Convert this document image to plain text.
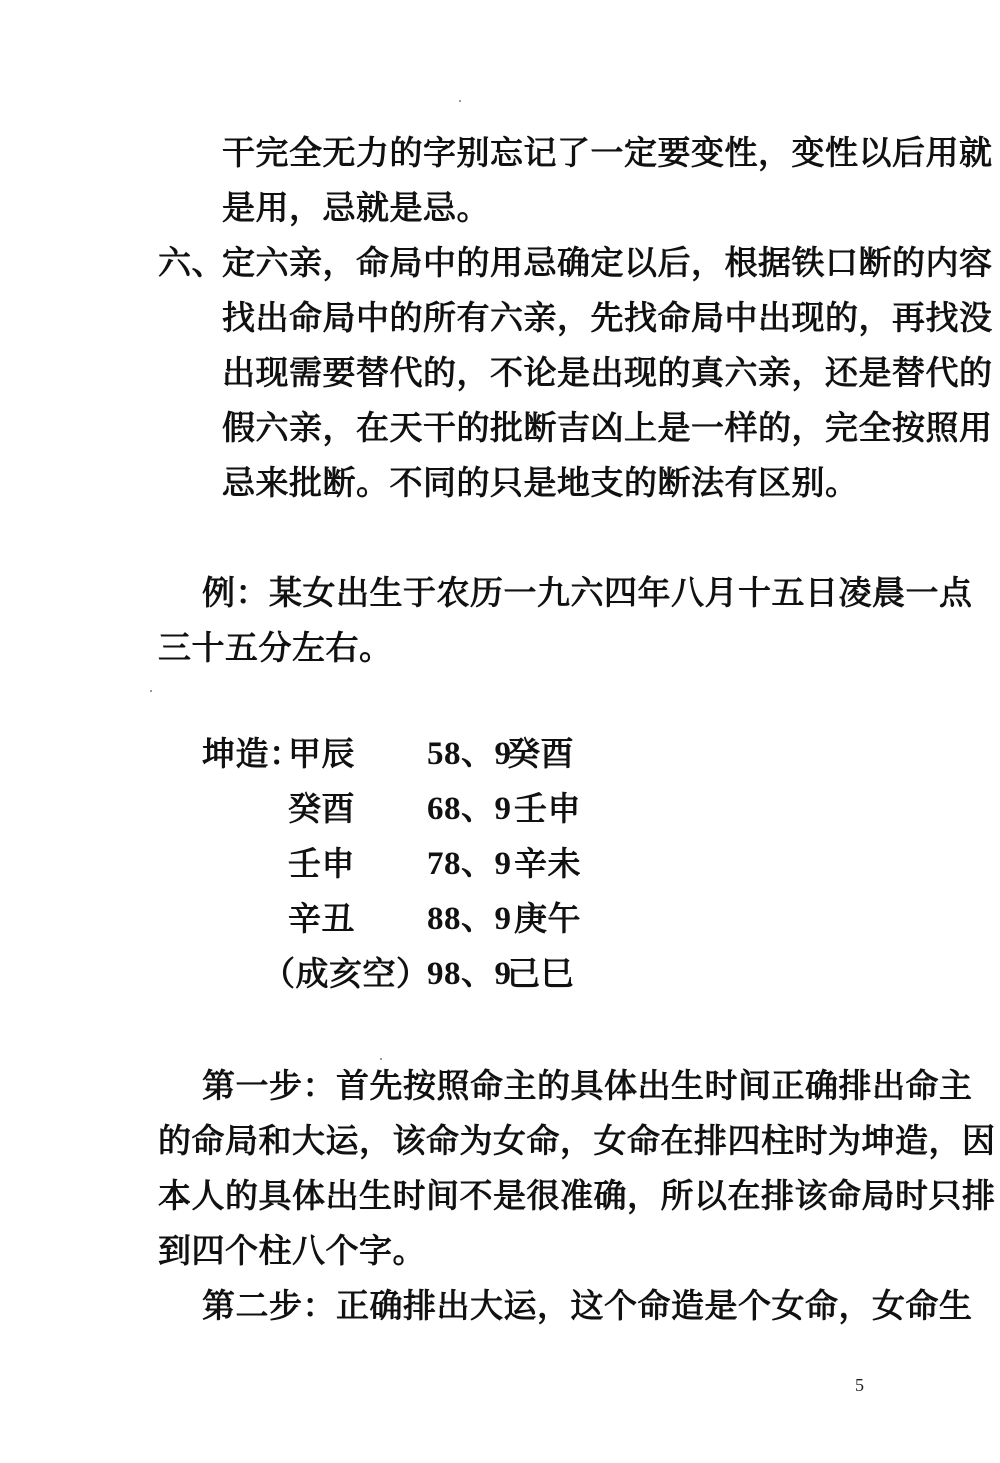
干完全无力的字别忘记了一定要变性，变性以后用就
是用，忌就是忌。
六、
定六亲，命局中的用忌确定以后，根据铁口断的内容
找出命局中的所有六亲，先找命局中出现的，再找没
出现需要替代的，不论是出现的真六亲，还是替代的
假六亲，在天干的批断吉凶上是一样的，完全按照用
忌来批断。不同的只是地支的断法有区别。
例：某女出生于农历一九六四年八月十五日凌晨一点
三十五分左右。
坤造：
甲辰
癸酉
壬申
辛丑
（成亥空）
58、9
癸酉
68、9 壬申
78、9 辛未
88、9 庚午
98、9
己巳
第一步：首先按照命主的具体出生时间正确排出命主
的命局和大运，该命为女命，女命在排四柱时为坤造，因
本人的具体出生时间不是很准确，所以在排该命局时只排
到四个柱八个字。
第二步：正确排出大运，这个命造是个女命，女命生
5
